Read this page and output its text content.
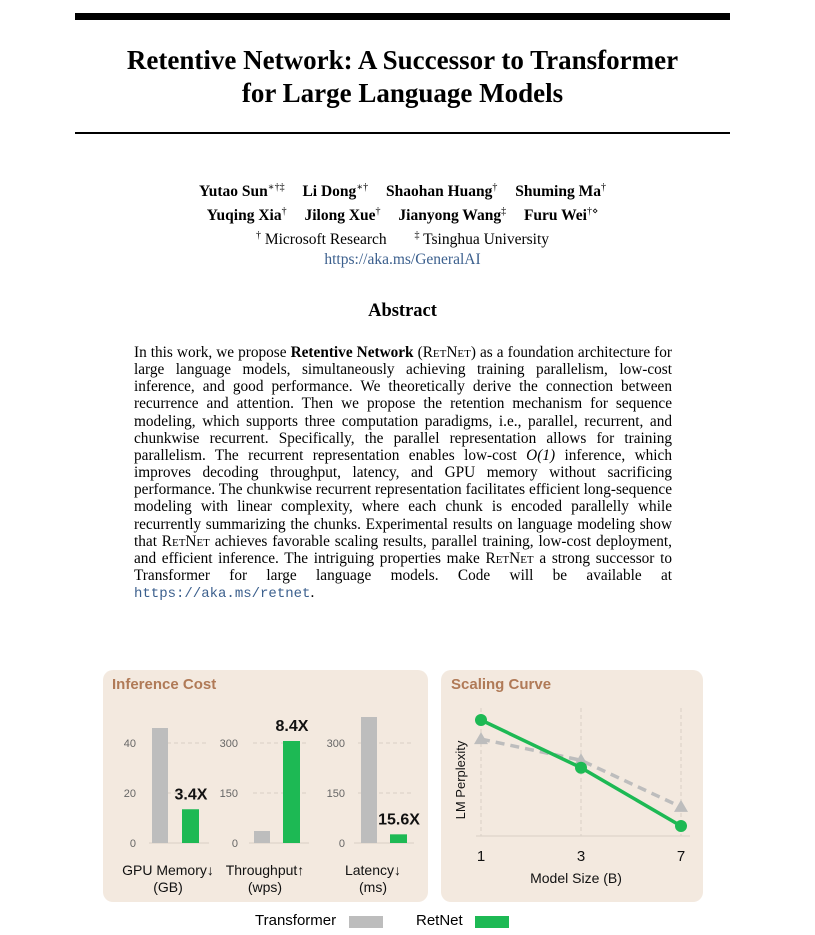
Retentive Network: A Successor to Transformer
for Large Language Models
Yutao Sun∗†‡ Li Dong∗† Shaohan Huang† Shuming Ma†
Yuqing Xia† Jilong Xue† Jianyong Wang‡ Furu Wei†⋄
† Microsoft Research	‡ Tsinghua University
https://aka.ms/GeneralAI
Abstract
In this work, we propose Retentive Network (RetNet) as a foundation architecture for large language models, simultaneously achieving training parallelism, low-cost inference, and good performance. We theoretically derive the connection between recurrence and attention. Then we propose the retention mechanism for sequence modeling, which supports three computation paradigms, i.e., parallel, recurrent, and chunkwise recurrent. Specifically, the parallel representation allows for training parallelism. The recurrent representation enables low-cost O(1) inference, which improves decoding throughput, latency, and GPU memory without sacrificing performance. The chunkwise recurrent representation facilitates efficient long-sequence modeling with linear complexity, where each chunk is encoded parallelly while recurrently summarizing the chunks. Experimental results on language modeling show that RetNet achieves favorable scaling results, parallel training, low-cost deployment, and efficient inference. The intriguing properties make RetNet a strong successor to Transformer for large language models. Code will be available at https://aka.ms/retnet.
Inference Cost
0
20
40
3.4X
GPU Memory↓
(GB)
0
150
300
8.4X
Throughput↑
(wps)
0
150
300
15.6X
Latency↓
(ms)
Scaling Curve
1	3	7
Model Size (B)
LM Perplexity
Transformer	RetNet
